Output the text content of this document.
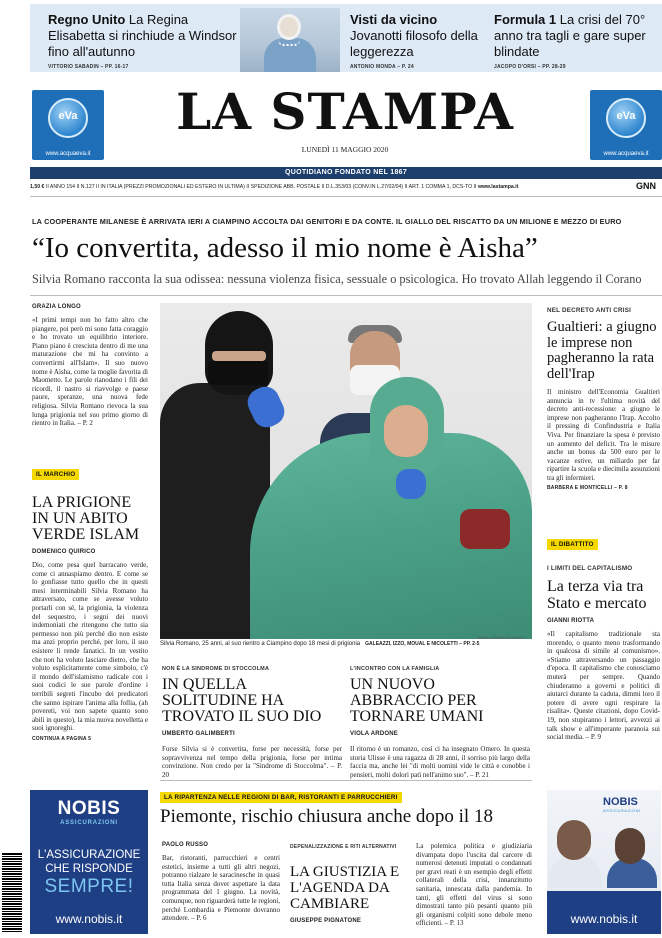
Regno Unito La Regina Elisabetta si rinchiude a Windsor fino all'autunno
VITTORIO SABADIN – PP. 16-17
Visti da vicino Jovanotti filosofo della leggerezza
ANTONIO MONDA – P. 24
Formula 1 La crisi del 70° anno tra tagli e gare super blindate
JACOPO D'ORSI – PP. 28-29
eVa
www.acquaeva.it
eVa
www.acquaeva.it
LA STAMPA
LUNEDÌ 11 MAGGIO 2020
QUOTIDIANO FONDATO NEL 1867
1,50 € II ANNO 154 II N.127 II IN ITALIA (PREZZI PROMOZIONALI ED ESTERO IN ULTIMA) II SPEDIZIONE ABB. POSTALE II D.L.353/03 (CONV.IN L.27/02/04) II ART. 1 COMMA 1, DCS-TO II www.lastampa.it	GNN
LA COOPERANTE MILANESE È ARRIVATA IERI A CIAMPINO ACCOLTA DAI GENITORI E DA CONTE. IL GIALLO DEL RISCATTO DA UN MILIONE E MEZZO DI EURO
“Io convertita, adesso il mio nome è Aisha”
Silvia Romano racconta la sua odissea: nessuna violenza fisica, sessuale o psicologica. Ho trovato Allah leggendo il Corano
GRAZIA LONGO
«I primi tempi non ho fatto altro che piangere, poi però mi sono fatta coraggio e ho trovato un equilibrio interiore. Piano piano è cresciuta dentro di me una maturazione che mi ha convinto a convertirmi all'Islam». Il suo nuovo nome è Aisha, come la moglie favorita di Maometto. Le parole rianodano i fili dei ricordi, il nastro si riavvolge e paese paure, speranze, una nuova fede religiosa. Silvia Romano rievoca la sua lunga prigionia nel suo primo giorno di rientro in Italia. – P. 2
IL MARCHIO
LA PRIGIONE IN UN ABITO VERDE ISLAM
DOMENICO QUIRICO
Dio, come pesa quel barracano verde, come ci annaspiamo dentro. E come se lo gonfiasse tutto quello che in questi mesi interminabili Silvia Romano ha attraversato, come se avesse voluto portarli con sé, la prigionia, la violenza del sequestro, i segni dei nuovi indemoniati che ritengono che tutto sia permesso non più perché dio non esiste ma anzi proprio perché, per loro, il suo esistere li rende fanatici. In un vestito che non ha voluto lasciare dietro, che ha voluto esplicitamente come simbolo, c'è il mondo dell'islamismo radicale con i suoi codici le sue parole d'ordine i terribili segreti l'incubo dei predicatori che sanno ispirare l'anima alla follia, (ah povereti, voi non sapete quanto sono abili in questo), la mia nuova novelletta e suoi ignoreghi.
CONTINUA A PAGINA 5
ANSA / FABIO FRUSTACI
Silvia Romano, 25 anni, al suo rientro a Ciampino dopo 18 mesi di prigionia GALEAZZI, IZZO, MOUAL E NICOLETTI – PP. 2-5
NON È LA SINDROME DI STOCCOLMA
IN QUELLA SOLITUDINE HA TROVATO IL SUO DIO
UMBERTO GALIMBERTI
Forse Silvia si è convertita, forse per necessità, forse per sopravvivenza nel tempo della prigionia, forse per intima convinzione. Non credo per la "Sindrome di Stoccolma". – P. 20
L'INCONTRO CON LA FAMIGLIA
UN NUOVO ABBRACCIO PER TORNARE UMANI
VIOLA ARDONE
Il ritorno è un romanzo, così ci ha insegnato Omero. In questa storia Ulisse è una ragazza di 28 anni, il sorriso più largo della faccia ma, anche lei "di molti uomini vide le città e conobbe i pensieri, molti dolori patì nell'animo suo". – P. 21
NEL DECRETO ANTI CRISI
Gualtieri: a giugno le imprese non pagheranno la rata dell'Irap
Il ministro dell'Economia Gualtieri annuncia in tv l'ultima novità del decreto anti-recessione: a giugno le imprese non pagheranno l'Irap. Accolto il pressing di Confindustria e Italia Viva. Per finanziare la spesa è previsto un aumento del deficit. Tra le misure anche un bonus da 500 euro per le vacanze estive, un miliardo per far ripartire la scuola e diecimila assunzioni tra gli infermieri.
BARBERA E MONTICELLI – P. 8
IL DIBATTITO
I LIMITI DEL CAPITALISMO
La terza via tra Stato e mercato
GIANNI RIOTTA
«Il capitalismo tradizionale sta morendo, o quanto meno trasformando in qualcosa di simile al comunismo». «Stiamo attraversando un passaggio d'epoca. Il capitalismo che conosciamo muterà per sempre. Quando chiuderanno a governi e politici di aiutarci durante la caduta, dimmi loro il potere di avere ogni respirare la risalita». Queste citazioni, dopo Covid-19, non stupiranno i lettori, avvezzi ai talk show e all'imperante paranoia sui social media. – P. 9
LA RIPARTENZA NELLE REGIONI DI BAR, RISTORANTI E PARRUCCHIERI
Piemonte, rischio chiusura anche dopo il 18
PAOLO RUSSO
Bar, ristoranti, parrucchieri e centri estetici, insieme a tutti gli altri negozi, potranno rialzare le saracinesche in quasi tutta Italia senza dover aspettare la data programmata del 1 giugno. La novità, comunque, non riguarderà tutte le regioni, perché Lombardia e Piemonte dovranno attendere. – P. 6
DEPENALIZZAZIONE E RITI ALTERNATIVI
LA GIUSTIZIA E L'AGENDA DA CAMBIARE
GIUSEPPE PIGNATONE
La polemica politica e giudiziaria divampata dopo l'uscita dal carcere di numerosi detenuti imputati o condannati per gravi reati è un esempio degli effetti collaterali della crisi, innanzitutto sanitaria, innescata dalla pandemia. In tanti, gli effetti del virus si sono dimostrati tanto più pesanti quanto più gli organismi colpiti sono debole meno efficienti. – P. 13
NOBIS
ASSICURAZIONI
L'ASSICURAZIONE CHE RISPONDE
SEMPRE!
www.nobis.it
NOBIS
ASSICURAZIONI
www.nobis.it
